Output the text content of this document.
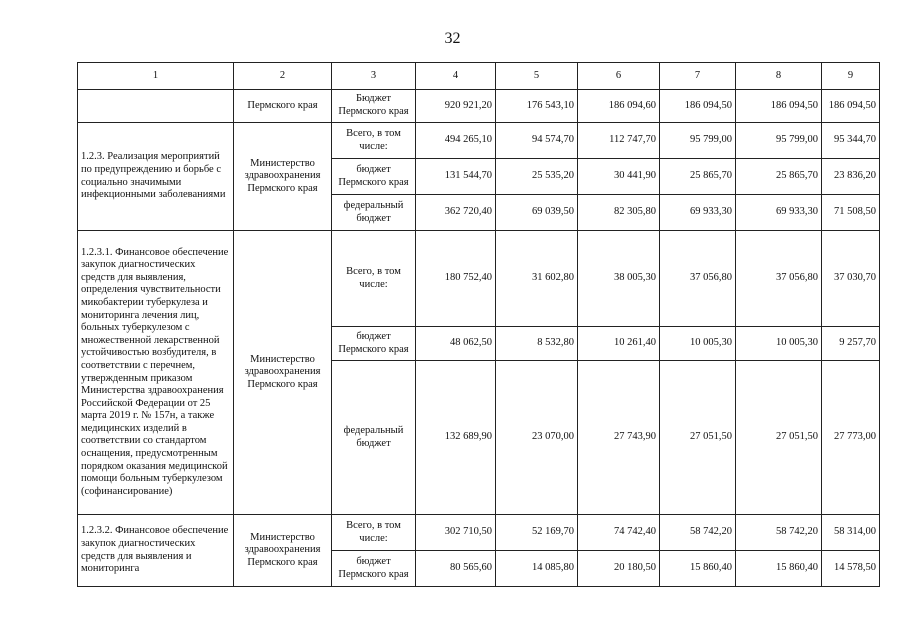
32
1	2	3	4	5	6	7	8	9
	Пермского края	Бюджет Пермского края	920 921,20	176 543,10	186 094,60	186 094,50	186 094,50	186 094,50
1.2.3. Реализация мероприятий по предупреждению и борьбе с социально значимыми инфекционными заболеваниями	Министерство здравоохранения Пермского края	Всего, в том числе:	494 265,10	94 574,70	112 747,70	95 799,00	95 799,00	95 344,70
		бюджет Пермского края	131 544,70	25 535,20	30 441,90	25 865,70	25 865,70	23 836,20
		федеральный бюджет	362 720,40	69 039,50	82 305,80	69 933,30	69 933,30	71 508,50
1.2.3.1. Финансовое обеспечение закупок диагностических средств для выявления, определения чувствительности микобактерии туберкулеза и мониторинга лечения лиц, больных туберкулезом с множественной лекарственной устойчивостью возбудителя, в соответствии с перечнем, утвержденным приказом Министерства здравоохранения Российской Федерации от 25 марта 2019 г. № 157н, а также медицинских изделий в соответствии со стандартом оснащения, предусмотренным порядком оказания медицинской помощи больным туберкулезом (софинансирование)	Министерство здравоохранения Пермского края	Всего, в том числе:	180 752,40	31 602,80	38 005,30	37 056,80	37 056,80	37 030,70
		бюджет Пермского края	48 062,50	8 532,80	10 261,40	10 005,30	10 005,30	9 257,70
		федеральный бюджет	132 689,90	23 070,00	27 743,90	27 051,50	27 051,50	27 773,00
1.2.3.2. Финансовое обеспечение закупок диагностических средств для выявления и мониторинга	Министерство здравоохранения Пермского края	Всего, в том числе:	302 710,50	52 169,70	74 742,40	58 742,20	58 742,20	58 314,00
		бюджет Пермского края	80 565,60	14 085,80	20 180,50	15 860,40	15 860,40	14 578,50
